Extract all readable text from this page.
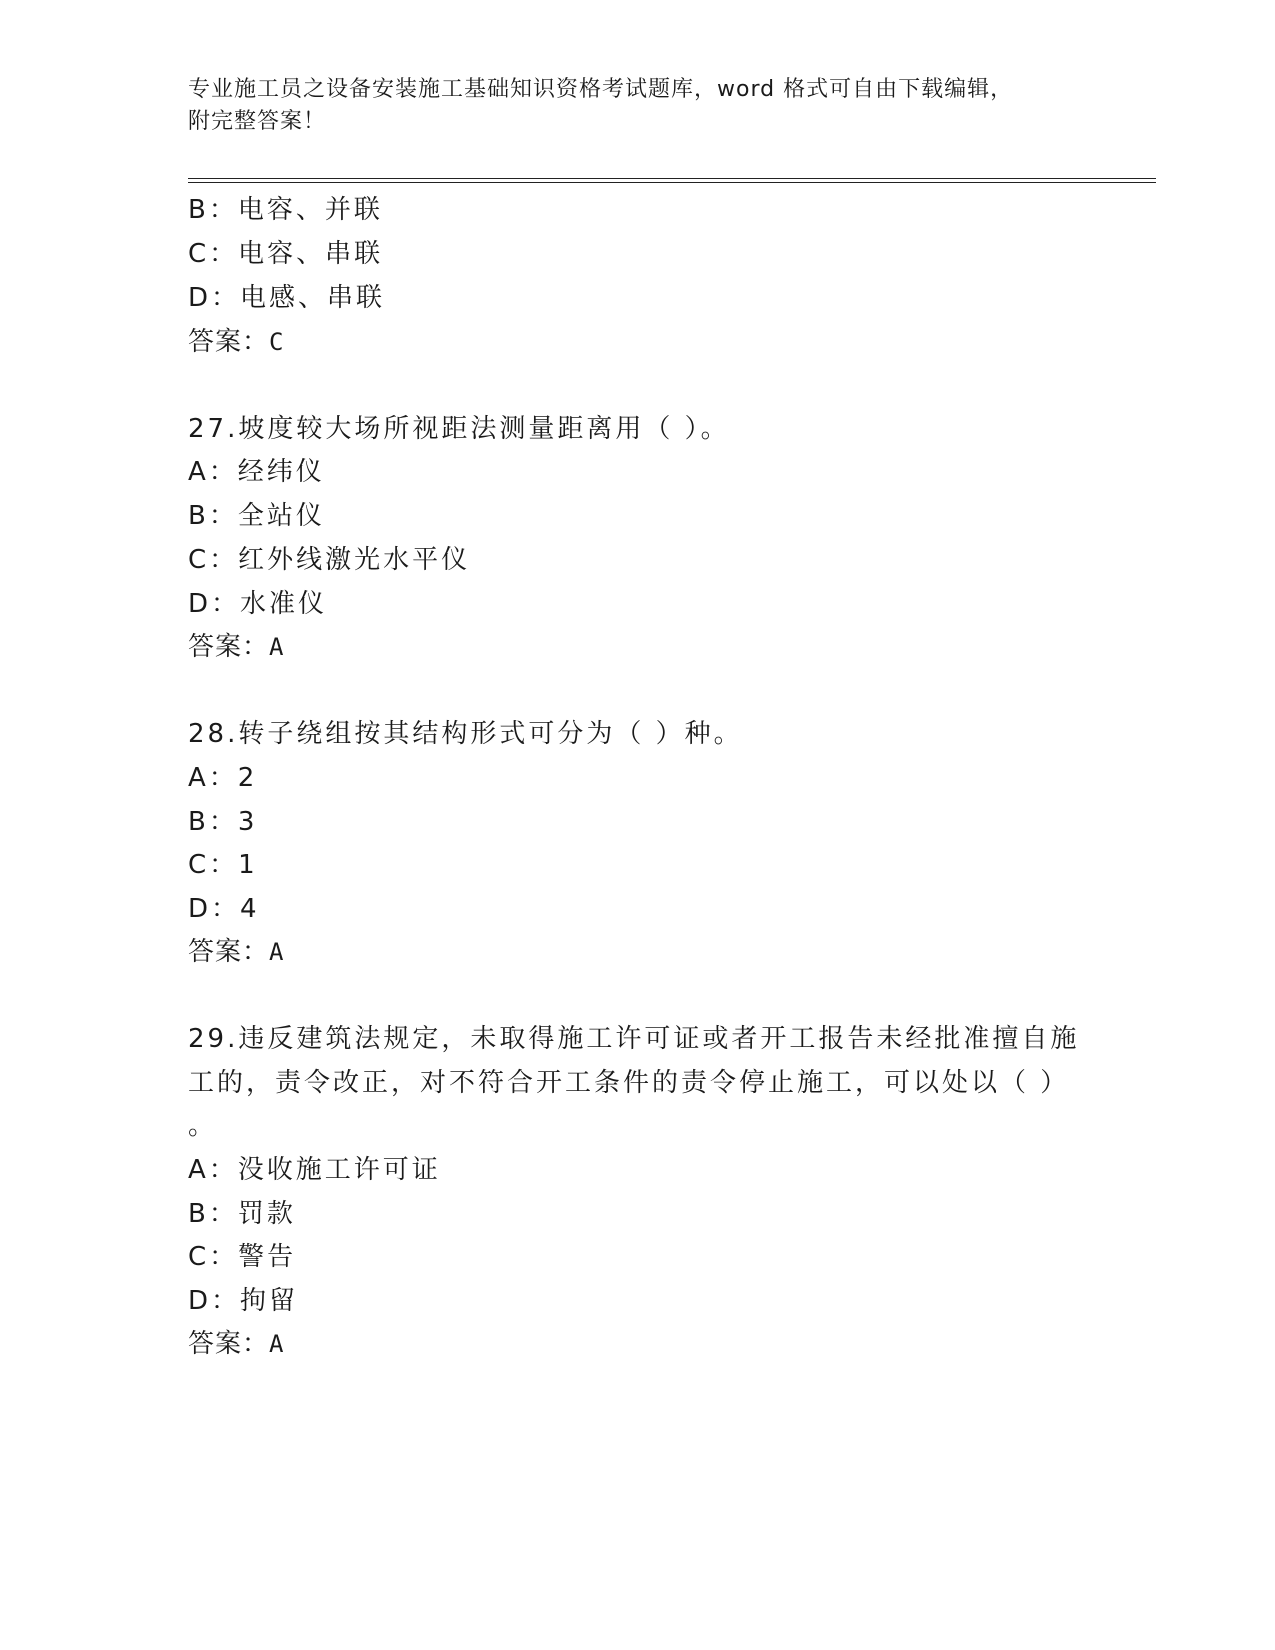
专业施工员之设备安装施工基础知识资格考试题库，word 格式可自由下载编辑，
附完整答案！
B：电容、并联
C：电容、串联
D：电感、串联
答案：C
27.坡度较大场所视距法测量距离用（ ）。
A：经纬仪
B：全站仪
C：红外线激光水平仪
D：水准仪
答案：A
28.转子绕组按其结构形式可分为（ ）种。
A：2
B：3
C：1
D：4
答案：A
29.违反建筑法规定，未取得施工许可证或者开工报告未经批准擅自施
工的，责令改正，对不符合开工条件的责令停止施工，可以处以（ ）
。
A：没收施工许可证
B：罚款
C：警告
D：拘留
答案：A
